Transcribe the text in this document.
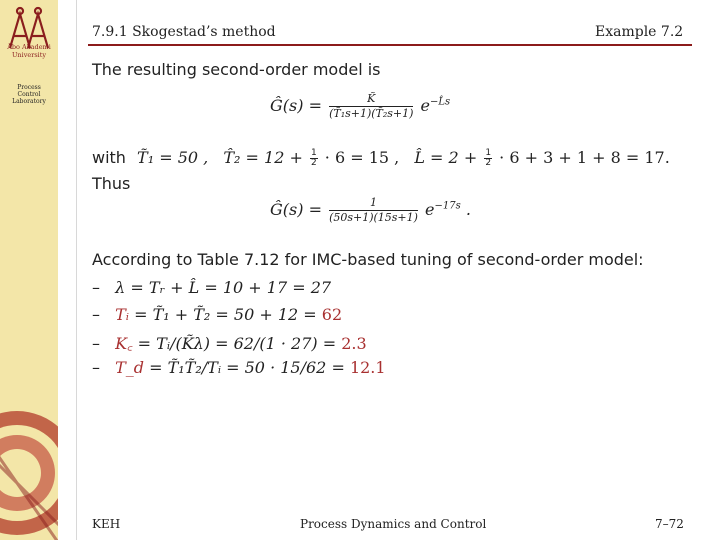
Åbo Akademi
University
Process
Control
Laboratory
7.9.1 Skogestad’s method	Example 7.2
The resulting second-order model is
Ĝ(s) = $\frac{K̃}{\text{(T̃₁s+1)(T̃₂s+1)}} e^{-L̂s}$
with T̃₁ = 50 , T̂₂ = $12 + \frac{1}{2} \cdot 6 = 15$ , L̂ = $2 + \frac{1}{2} \cdot 6 + 3 + 1 + 8 = 17$.
Thus
Ĝ(s) = $\frac{1}{(50s+1)(15s+1)} e^{-17s}$ .
According to Table 7.12 for IMC-based tuning of second-order model:
– λ = Tᵣ + L̂ = 10 + 17 = 27
– Tᵢ = T̃₁ + T̃₂ = 50 + 12 = 62
– K꜀ = Tᵢ/(K̃λ) = 62/(1 · 27) = 2.3
– T_d = T̃₁T̃₂/Tᵢ = 50 · 15/62 = 12.1
KEH	Process Dynamics and Control	7–72
